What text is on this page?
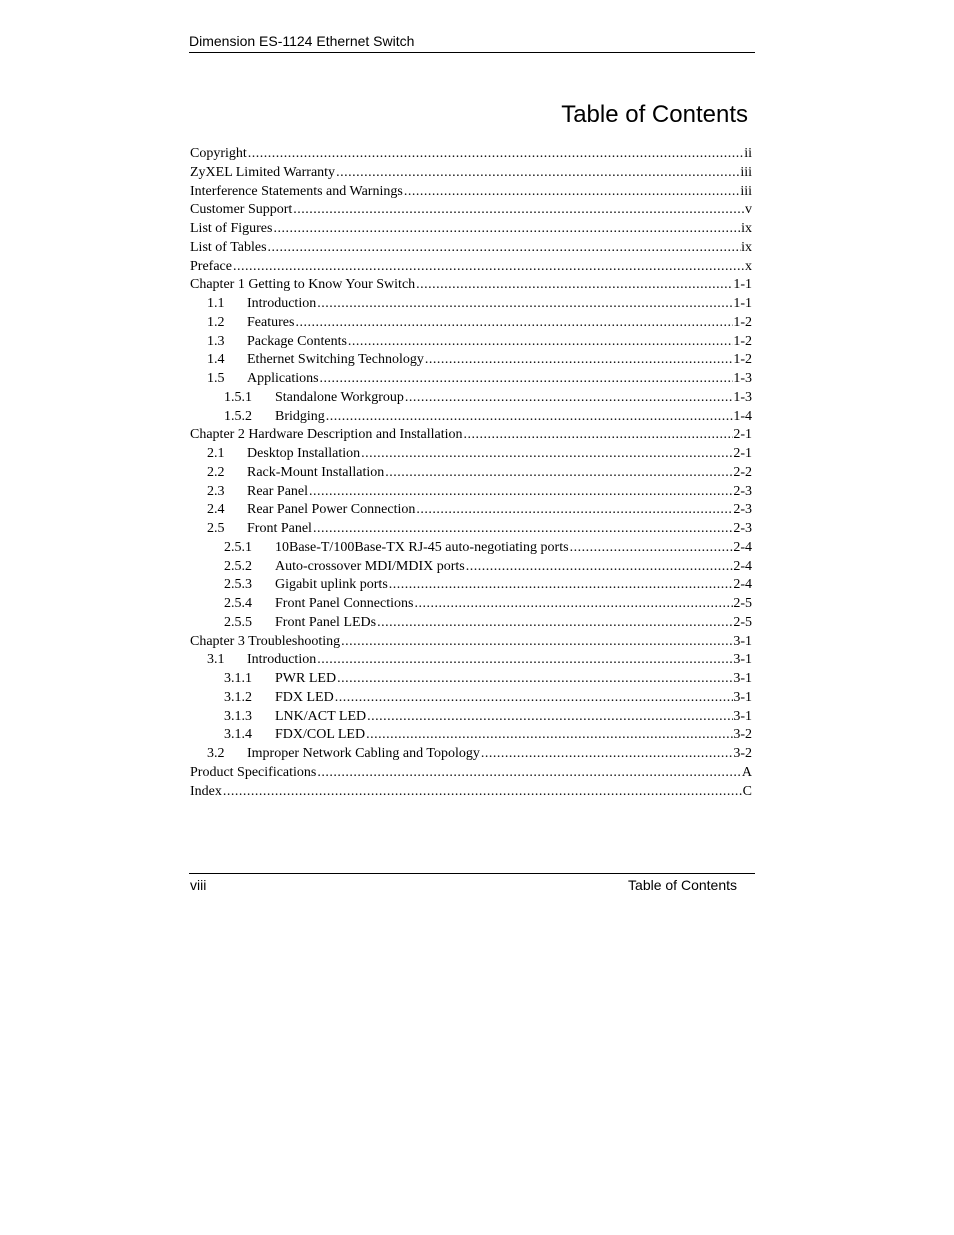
Dimension ES-1124 Ethernet Switch
Table of Contents
Copyright .....	ii
ZyXEL Limited Warranty .....	iii
Interference Statements and Warnings .....	iii
Customer Support .....	v
List of Figures .....	ix
List of Tables .....	ix
Preface .....	x
Chapter 1 Getting to Know Your Switch .....	1-1
1.1	Introduction .....	1-1
1.2	Features .....	1-2
1.3	Package Contents .....	1-2
1.4	Ethernet Switching Technology .....	1-2
1.5	Applications .....	1-3
1.5.1	Standalone Workgroup .....	1-3
1.5.2	Bridging .....	1-4
Chapter 2 Hardware Description and Installation .....	2-1
2.1	Desktop Installation .....	2-1
2.2	Rack-Mount Installation .....	2-2
2.3	Rear Panel .....	2-3
2.4	Rear Panel Power Connection .....	2-3
2.5	Front Panel .....	2-3
2.5.1	10Base-T/100Base-TX RJ-45 auto-negotiating ports .....	2-4
2.5.2	Auto-crossover MDI/MDIX ports .....	2-4
2.5.3	Gigabit uplink ports .....	2-4
2.5.4	Front Panel Connections .....	2-5
2.5.5	Front Panel LEDs .....	2-5
Chapter 3 Troubleshooting .....	3-1
3.1	Introduction .....	3-1
3.1.1	PWR LED .....	3-1
3.1.2	FDX LED .....	3-1
3.1.3	LNK/ACT LED .....	3-1
3.1.4	FDX/COL LED .....	3-2
3.2	Improper Network Cabling and Topology .....	3-2
Product Specifications .....	A
Index .....	C
viii	Table of Contents
